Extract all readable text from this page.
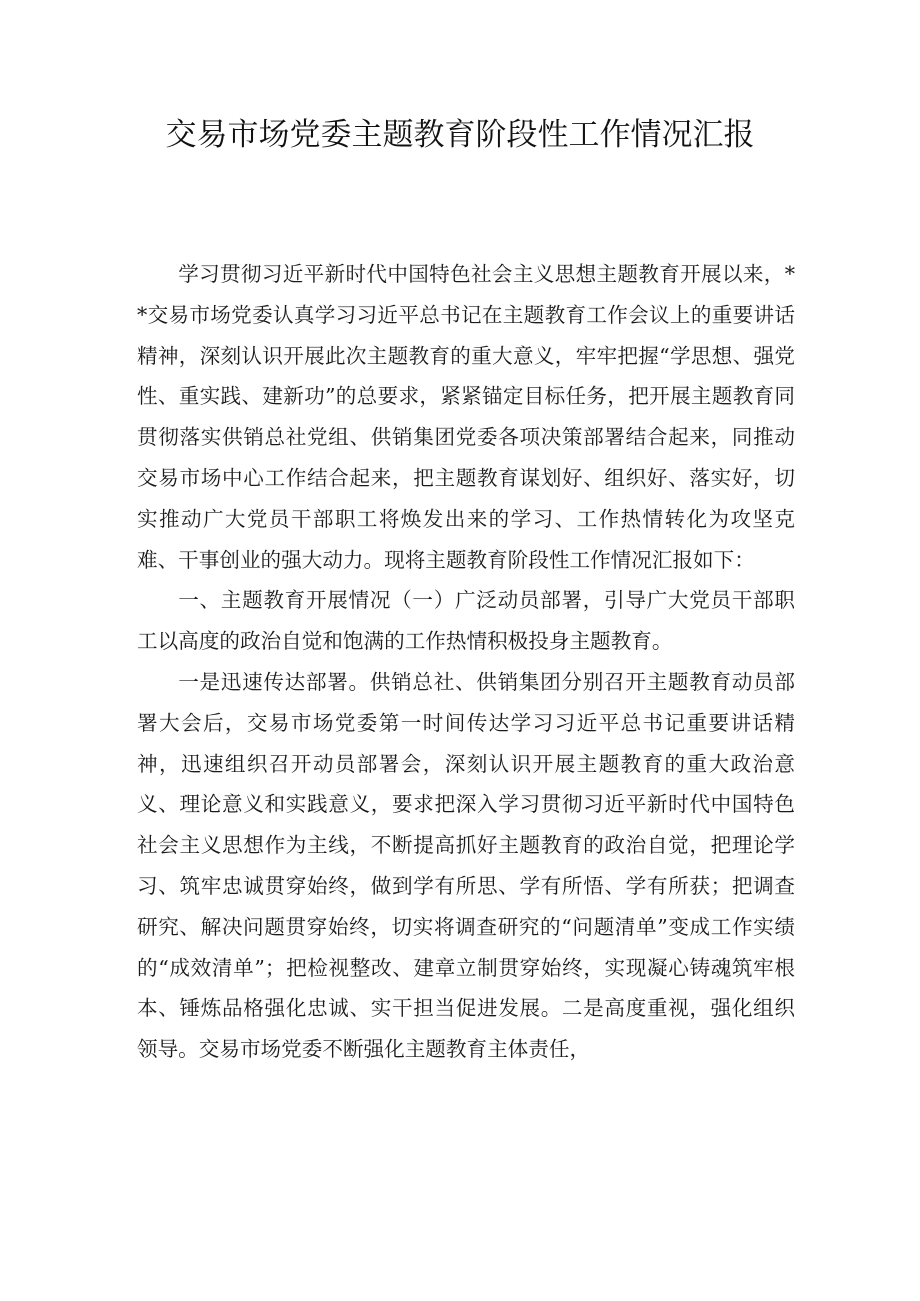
交易市场党委主题教育阶段性工作情况汇报

学习贯彻习近平新时代中国特色社会主义思想主题教育开展以来，**交易市场党委认真学习习近平总书记在主题教育工作会议上的重要讲话精神，深刻认识开展此次主题教育的重大意义，牢牢把握“学思想、强党性、重实践、建新功”的总要求，紧紧锚定目标任务，把开展主题教育同贯彻落实供销总社党组、供销集团党委各项决策部署结合起来，同推动交易市场中心工作结合起来，把主题教育谋划好、组织好、落实好，切实推动广大党员干部职工将焕发出来的学习、工作热情转化为攻坚克难、干事创业的强大动力。现将主题教育阶段性工作情况汇报如下：

一、主题教育开展情况（一）广泛动员部署，引导广大党员干部职工以高度的政治自觉和饱满的工作热情积极投身主题教育。

一是迅速传达部署。供销总社、供销集团分别召开主题教育动员部署大会后，交易市场党委第一时间传达学习习近平总书记重要讲话精神，迅速组织召开动员部署会，深刻认识开展主题教育的重大政治意义、理论意义和实践意义，要求把深入学习贯彻习近平新时代中国特色社会主义思想作为主线，不断提高抓好主题教育的政治自觉，把理论学习、筑牢忠诚贯穿始终，做到学有所思、学有所悟、学有所获；把调查研究、解决问题贯穿始终，切实将调查研究的“问题清单”变成工作实绩的“成效清单”；把检视整改、建章立制贯穿始终，实现凝心铸魂筑牢根本、锤炼品格强化忠诚、实干担当促进发展。二是高度重视，强化组织领导。交易市场党委不断强化主题教育主体责任，
